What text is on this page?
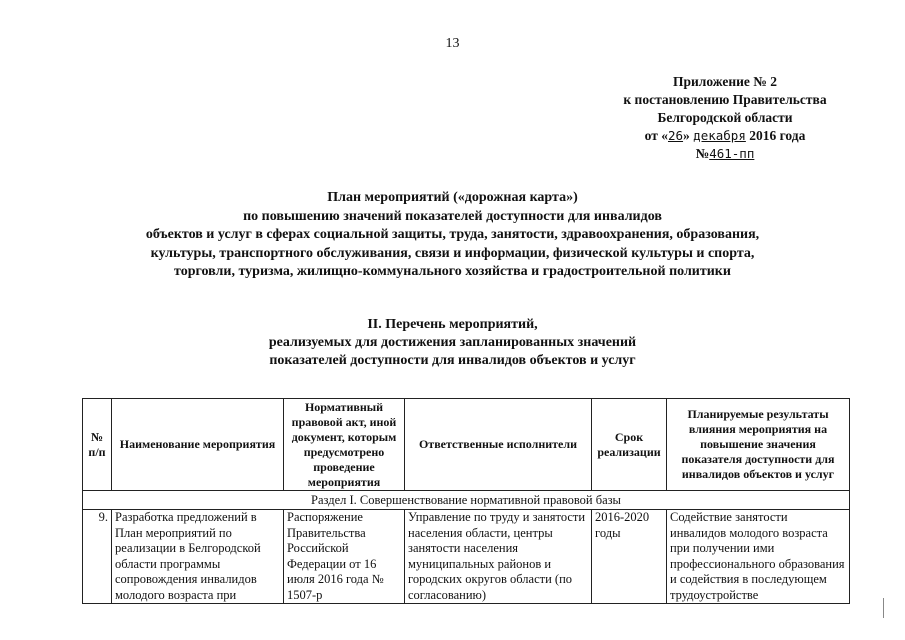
13
Приложение № 2
к постановлению Правительства
Белгородской области
от «26» декабря 2016 года
№461-пп
План мероприятий («дорожная карта»)
по повышению значений показателей доступности для инвалидов
объектов и услуг в сферах социальной защиты, труда, занятости, здравоохранения, образования,
культуры, транспортного обслуживания, связи и информации, физической культуры и спорта,
торговли, туризма, жилищно-коммунального хозяйства и градостроительной политики
II. Перечень мероприятий,
реализуемых для достижения запланированных значений
показателей доступности для инвалидов объектов и услуг
№ п/п	Наименование мероприятия	Нормативный правовой акт, иной документ, которым предусмотрено проведение мероприятия	Ответственные исполнители	Срок реализации	Планируемые результаты влияния мероприятия на повышение значения показателя доступности для инвалидов объектов и услуг
Раздел I. Совершенствование нормативной правовой базы					
9.	Разработка предложений в План мероприятий по реализации в Белгородской области программы сопровождения инвалидов молодого возраста при	Распоряжение Правительства Российской Федерации от 16 июля 2016 года № 1507-р	Управление по труду и занятости населения области, центры занятости населения муниципальных районов и городских округов области (по согласованию)	2016-2020 годы	Содействие занятости инвалидов молодого возраста при получении ими профессионального образования и содействия в последующем трудоустройстве
